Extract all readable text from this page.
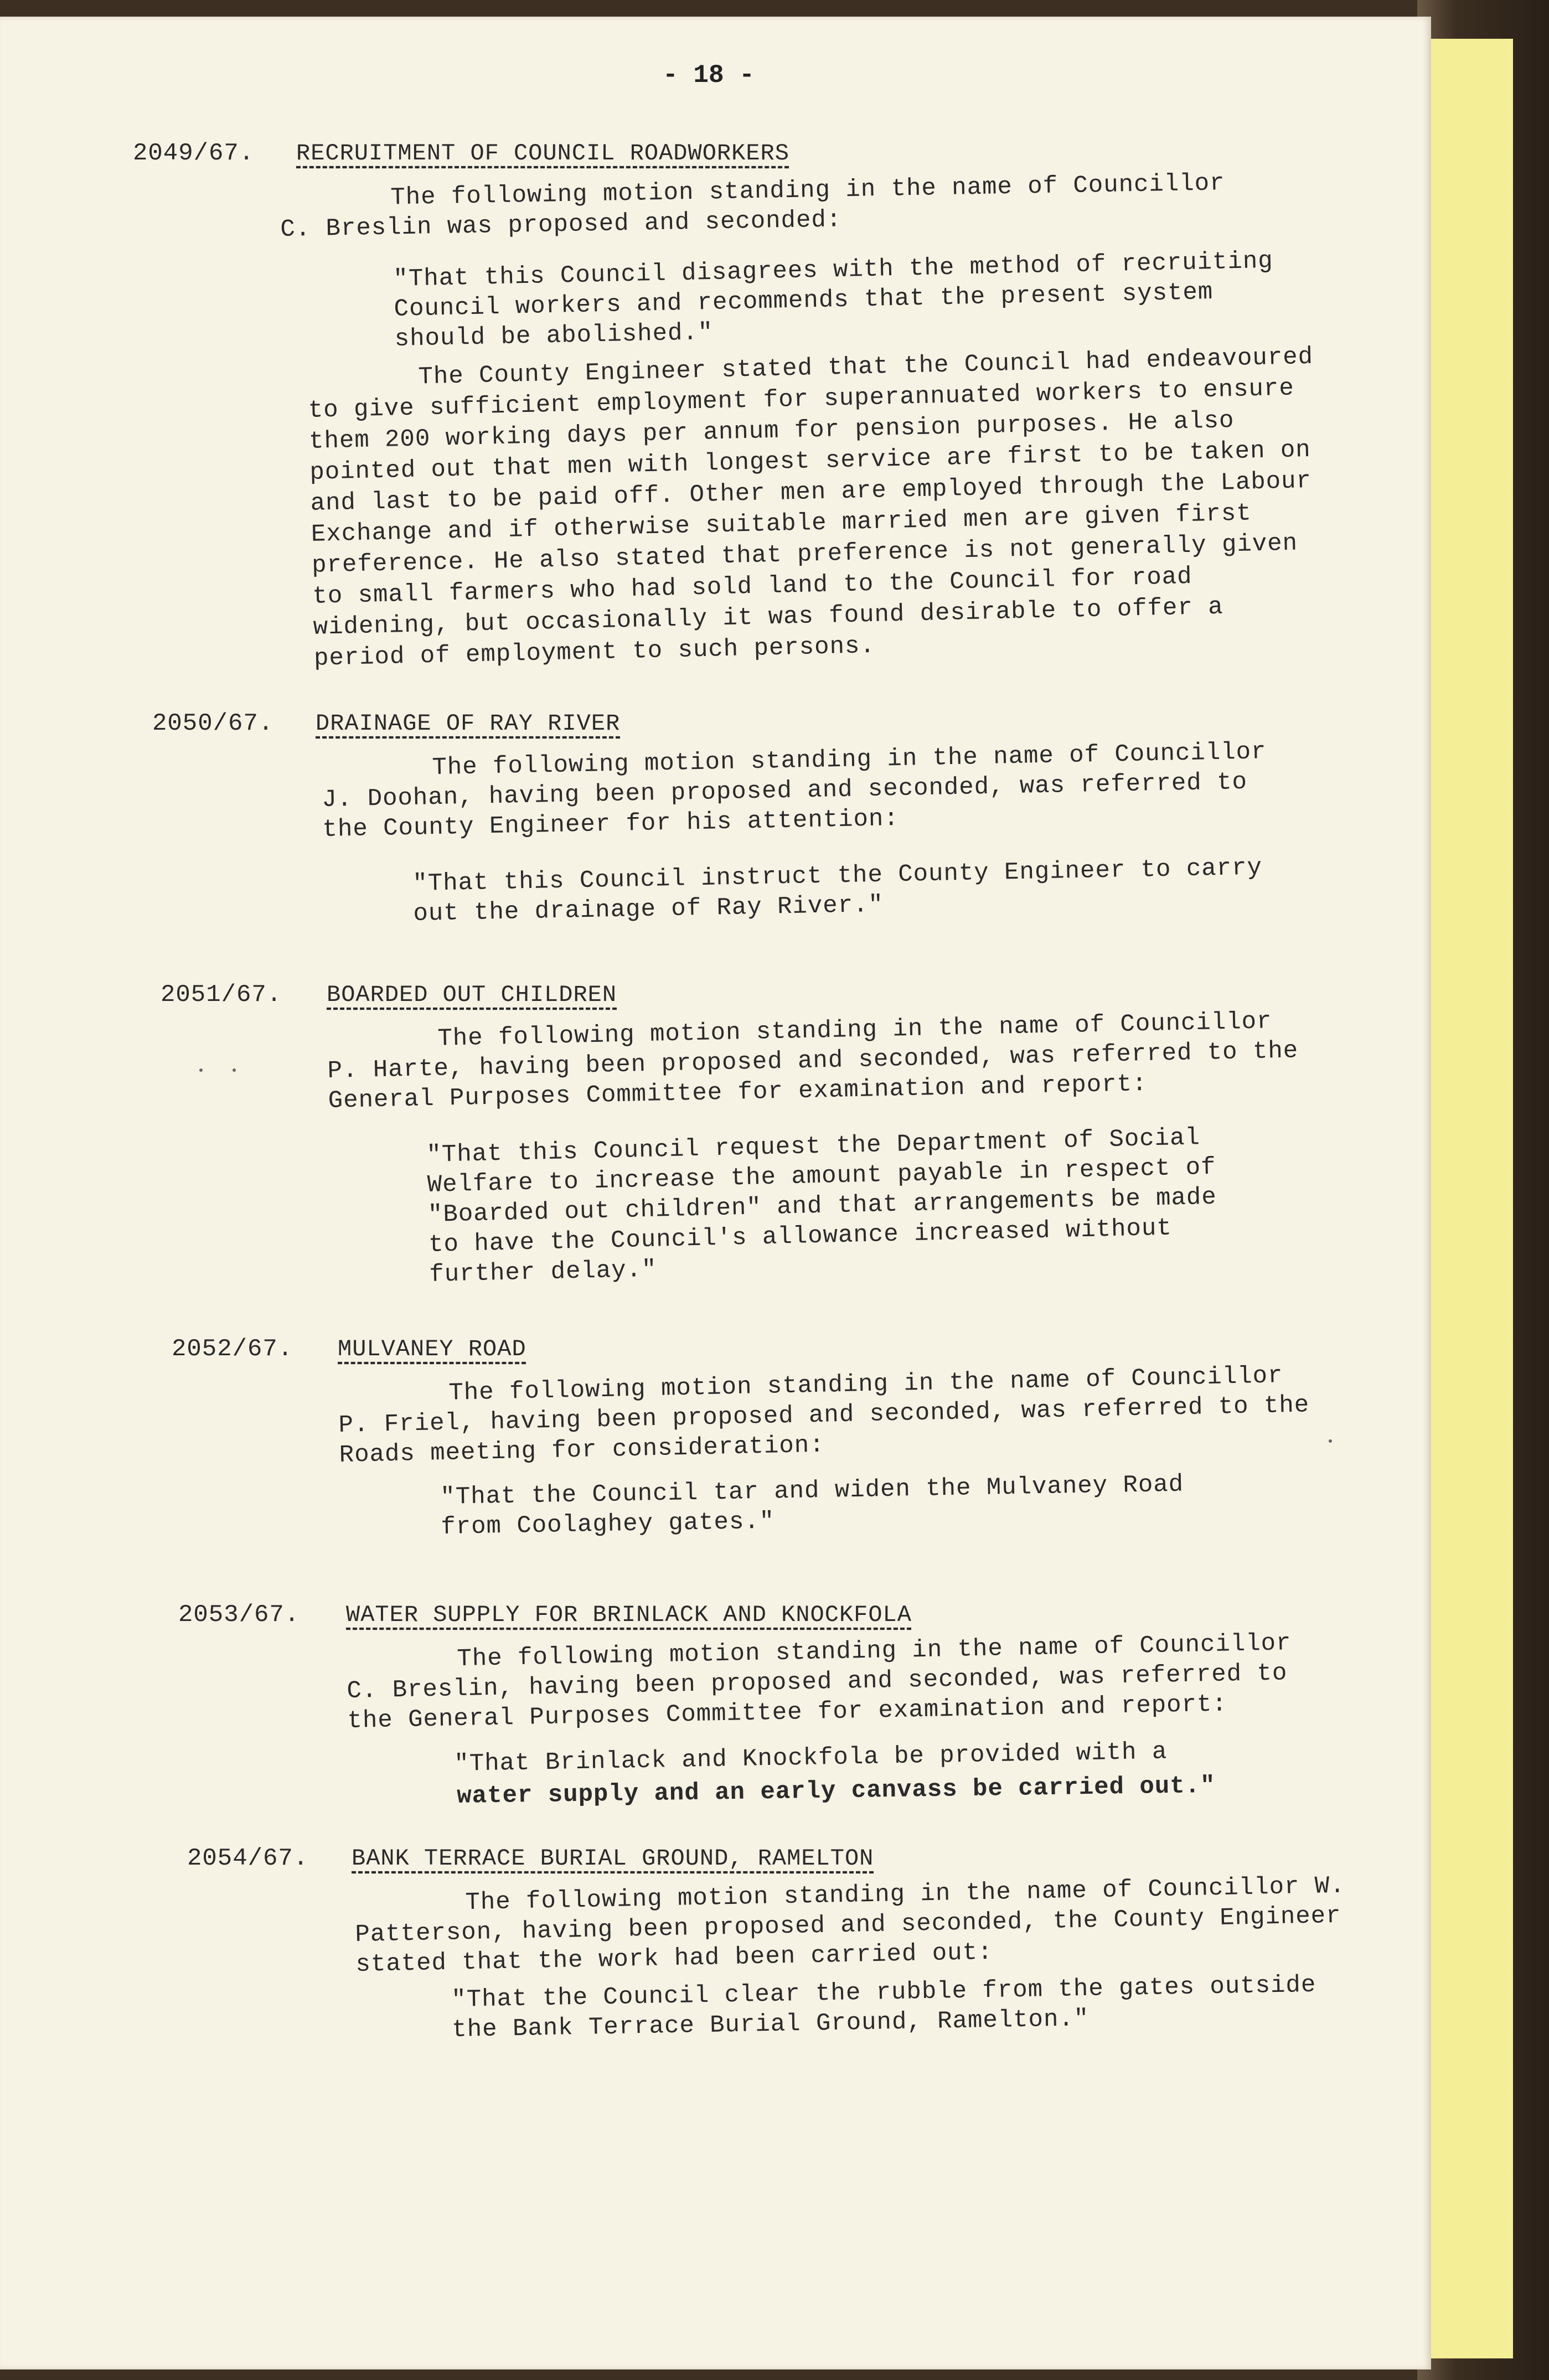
- 18 -
2049/67. RECRUITMENT OF COUNCIL ROADWORKERS
The following motion standing in the name of Councillor C. Breslin was proposed and seconded:
"That this Council disagrees with the method of recruiting Council workers and recommends that the present system should be abolished."
The County Engineer stated that the Council had endeavoured to give sufficient employment for superannuated workers to ensure them 200 working days per annum for pension purposes. He also pointed out that men with longest service are first to be taken on and last to be paid off. Other men are employed through the Labour Exchange and if otherwise suitable married men are given first preference. He also stated that preference is not generally given to small farmers who had sold land to the Council for road widening, but occasionally it was found desirable to offer a period of employment to such persons.
2050/67. DRAINAGE OF RAY RIVER
The following motion standing in the name of Councillor J. Doohan, having been proposed and seconded, was referred to the County Engineer for his attention:
"That this Council instruct the County Engineer to carry out the drainage of Ray River."
2051/67. BOARDED OUT CHILDREN
The following motion standing in the name of Councillor P. Harte, having been proposed and seconded, was referred to the General Purposes Committee for examination and report:
"That this Council request the Department of Social Welfare to increase the amount payable in respect of "Boarded out children" and that arrangements be made to have the Council's allowance increased without further delay."
2052/67. MULVANEY ROAD
The following motion standing in the name of Councillor P. Friel, having been proposed and seconded, was referred to the Roads meeting for consideration:
"That the Council tar and widen the Mulvaney Road from Coolaghey gates."
2053/67. WATER SUPPLY FOR BRINLACK AND KNOCKFOLA
The following motion standing in the name of Councillor C. Breslin, having been proposed and seconded, was referred to the General Purposes Committee for examination and report:
"That Brinlack and Knockfola be provided with a
water supply and an early canvass be carried out."
2054/67. BANK TERRACE BURIAL GROUND, RAMELTON
The following motion standing in the name of Councillor W. Patterson, having been proposed and seconded, the County Engineer stated that the work had been carried out:
"That the Council clear the rubble from the gates outside the Bank Terrace Burial Ground, Ramelton."
